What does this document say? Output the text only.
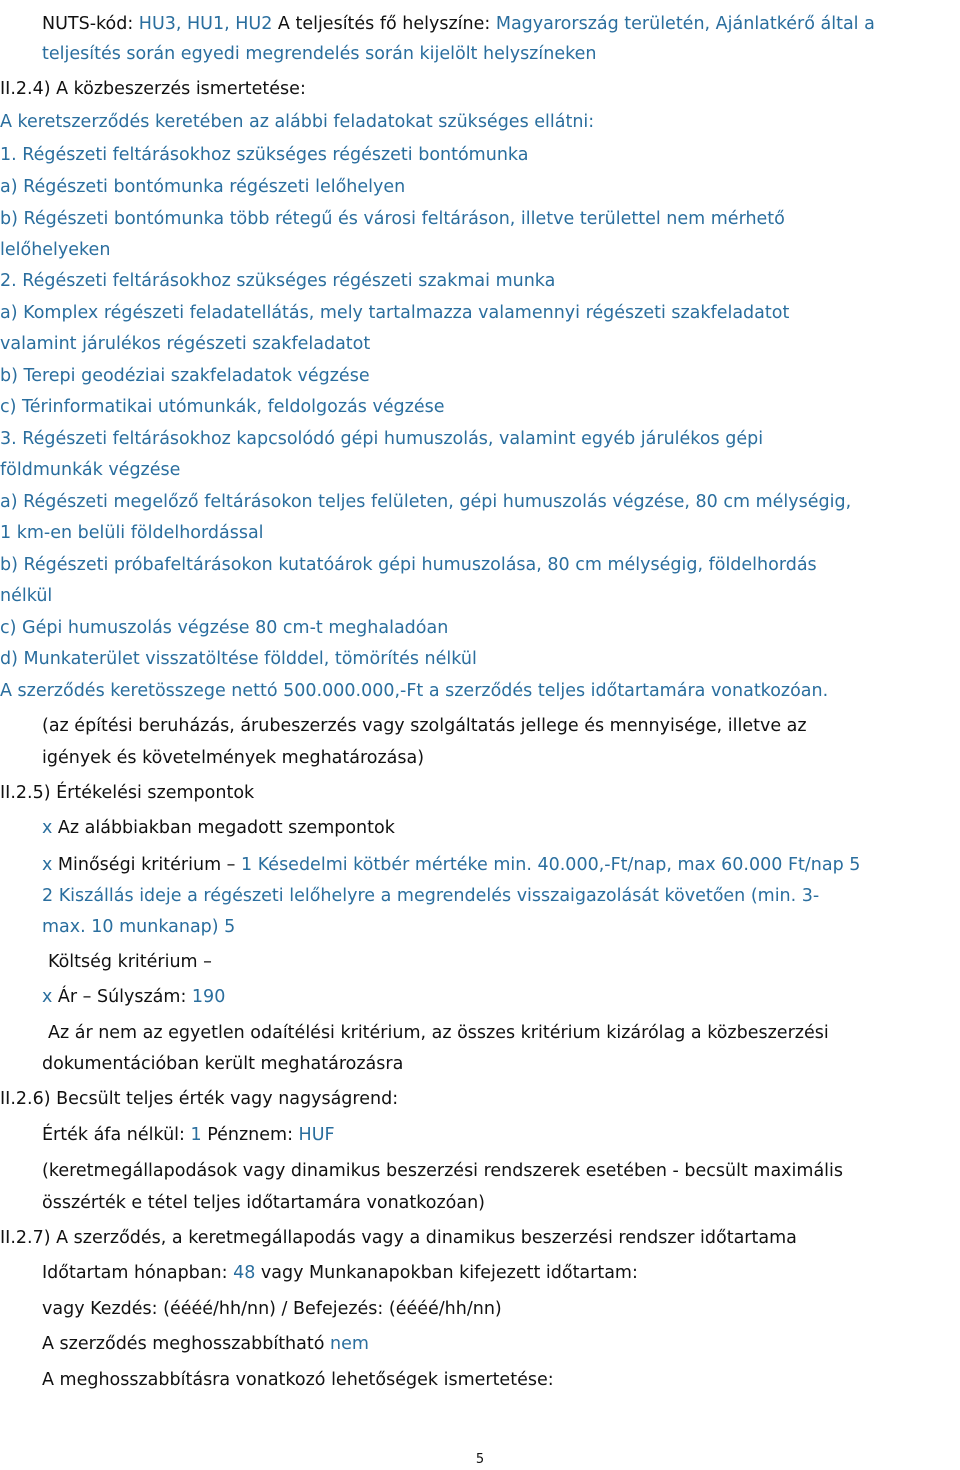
NUTS-kód: HU3, HU1, HU2 A teljesítés fő helyszíne: Magyarország területén, Ajánlatkérő által a
teljesítés során egyedi megrendelés során kijelölt helyszíneken
II.2.4) A közbeszerzés ismertetése:
A keretszerződés keretében az alábbi feladatokat szükséges ellátni:
1. Régészeti feltárásokhoz szükséges régészeti bontómunka
a) Régészeti bontómunka régészeti lelőhelyen
b) Régészeti bontómunka több rétegű és városi feltáráson, illetve területtel nem mérhető
lelőhelyeken
2. Régészeti feltárásokhoz szükséges régészeti szakmai munka
a) Komplex régészeti feladatellátás, mely tartalmazza valamennyi régészeti szakfeladatot
valamint járulékos régészeti szakfeladatot
b) Terepi geodéziai szakfeladatok végzése
c) Térinformatikai utómunkák, feldolgozás végzése
3. Régészeti feltárásokhoz kapcsolódó gépi humuszolás, valamint egyéb járulékos gépi
földmunkák végzése
a) Régészeti megelőző feltárásokon teljes felületen, gépi humuszolás végzése, 80 cm mélységig,
1 km-en belüli földelhordással
b) Régészeti próbafeltárásokon kutatóárok gépi humuszolása, 80 cm mélységig, földelhordás
nélkül
c) Gépi humuszolás végzése 80 cm-t meghaladóan
d) Munkaterület visszatöltése földdel, tömörítés nélkül
A szerződés keretösszege nettó 500.000.000,-Ft a szerződés teljes időtartamára vonatkozóan.
(az építési beruházás, árubeszerzés vagy szolgáltatás jellege és mennyisége, illetve az
igények és követelmények meghatározása)
II.2.5) Értékelési szempontok
x Az alábbiakban megadott szempontok
x Minőségi kritérium – 1 Késedelmi kötbér mértéke min. 40.000,-Ft/nap, max 60.000 Ft/nap 5
2 Kiszállás ideje a régészeti lelőhelyre a megrendelés visszaigazolását követően (min. 3-
max. 10 munkanap) 5
Költség kritérium –
x Ár – Súlyszám: 190
Az ár nem az egyetlen odaítélési kritérium, az összes kritérium kizárólag a közbeszerzési
dokumentációban került meghatározásra
II.2.6) Becsült teljes érték vagy nagyságrend:
Érték áfa nélkül: 1 Pénznem: HUF
(keretmegállapodások vagy dinamikus beszerzési rendszerek esetében - becsült maximális
összérték e tétel teljes időtartamára vonatkozóan)
II.2.7) A szerződés, a keretmegállapodás vagy a dinamikus beszerzési rendszer időtartama
Időtartam hónapban: 48 vagy Munkanapokban kifejezett időtartam:
vagy Kezdés: (éééé/hh/nn) / Befejezés: (éééé/hh/nn)
A szerződés meghosszabbítható nem
A meghosszabbításra vonatkozó lehetőségek ismertetése:
5
